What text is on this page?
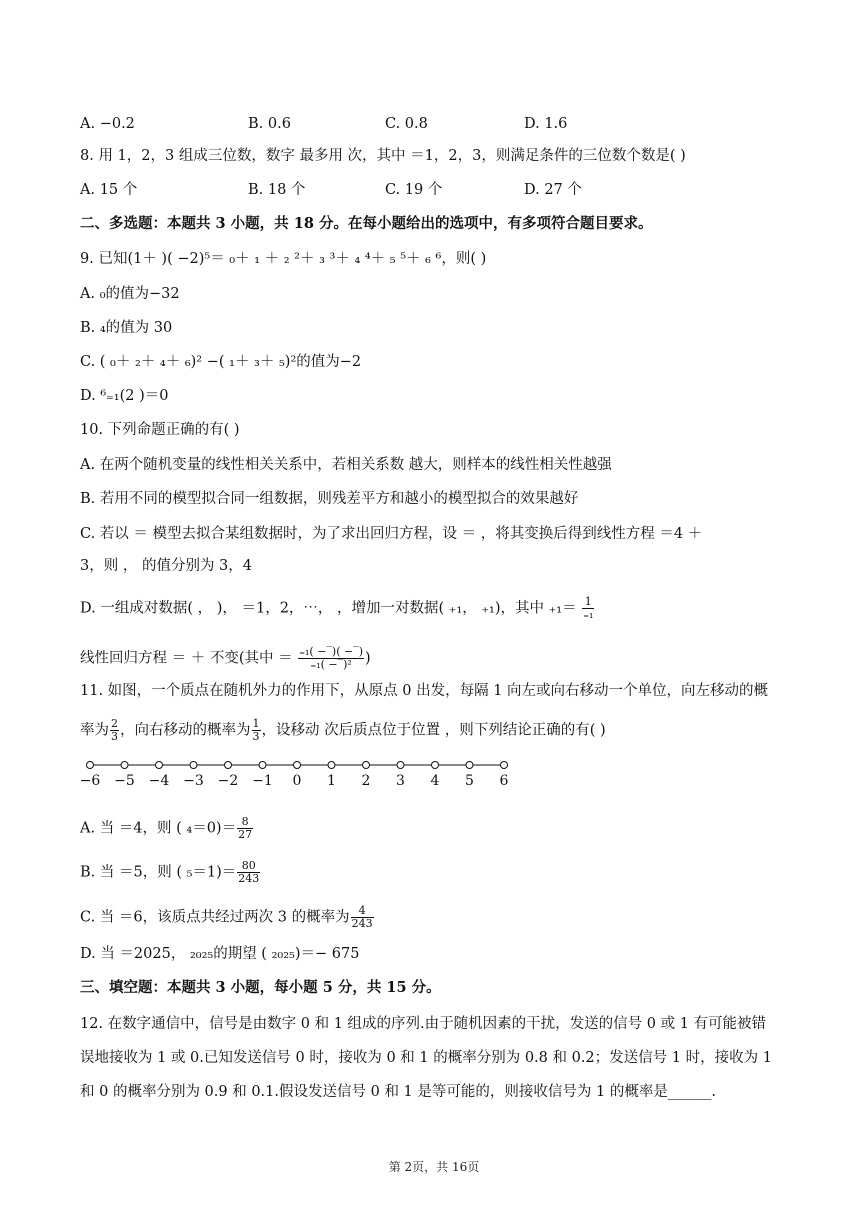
A. −0.2	B. 0.6	C. 0.8	D. 1.6
8. 用 1，2，3 组成三位数，数字 最多用 次，其中 ＝1，2，3，则满足条件的三位数个数是( )
A. 15 个	B. 18 个	C. 19 个	D. 27 个
二、多选题：本题共 3 小题，共 18 分。在每小题给出的选项中，有多项符合题目要求。
9. 已知(1＋ )( −2)⁵＝ ₀＋ ₁ ＋ ₂ ²＋ ₃ ³＋ ₄ ⁴＋ ₅ ⁵＋ ₆ ⁶，则( )
A. ₀的值为−32
B. ₄的值为 30
C. ( ₀＋ ₂＋ ₄＋ ₆)² −( ₁＋ ₃＋ ₅)²的值为−2
D. ⁶₌₁(2 )＝0
10. 下列命题正确的有( )
A. 在两个随机变量的线性相关关系中，若相关系数 越大，则样本的线性相关性越强
B. 若用不同的模型拟合同一组数据，则残差平方和越小的模型拟合的效果越好
C. 若以 ＝ 模型去拟合某组数据时，为了求出回归方程，设 ＝ ，将其变换后得到线性方程 ＝4 ＋
3，则 ， 的值分别为 3，4
D. 一组成对数据( ， )， ＝1，2，⋯， ，增加一对数据( ₊₁， ₊₁)，其中 $_{+1}= \frac{1}{\text{₌₁}}$
线性回归方程 ＝ ＋ 不变(其中 ＝ $\frac{\text{₌₁( −‾)( −‾)}}{\text{₌₁( −‾)²}}$ )
11. 如图，一个质点在随机外力的作用下，从原点 0 出发，每隔 1 向左或向右移动一个单位，向左移动的概
率为 $\frac{2}{3}$ ，向右移动的概率为 $\frac{1}{3}$ ，设移动 次后质点位于位置 ，则下列结论正确的有( )
−6 −5 −4 −3 −2 −1 0 1 2 3 4 5 6
A. 当 ＝4，则 ( $_4=0)= \frac{8}{27}$
B. 当 ＝5，则 ( $_5=1)= \frac{80}{243}$
C. 当 ＝6，该质点共经过两次 3 的概率为 $\frac{4}{243}$
D. 当 ＝2025， ₂₀₂₅的期望 ( ₂₀₂₅)＝− 675
三、填空题：本题共 3 小题，每小题 5 分，共 15 分。
12. 在数字通信中，信号是由数字 0 和 1 组成的序列.由于随机因素的干扰，发送的信号 0 或 1 有可能被错
误地接收为 1 或 0.已知发送信号 0 时，接收为 0 和 1 的概率分别为 0.8 和 0.2；发送信号 1 时，接收为 1
和 0 的概率分别为 0.9 和 0.1.假设发送信号 0 和 1 是等可能的，则接收信号为 1 的概率是______.
第 2页，共 16页
